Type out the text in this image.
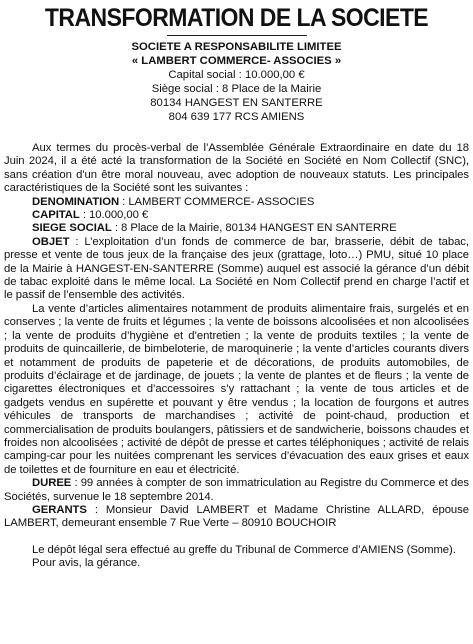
TRANSFORMATION DE LA SOCIETE
SOCIETE A RESPONSABILITE LIMITEE
« LAMBERT COMMERCE- ASSOCIES »
Capital social : 10.000,00 €
Siège social : 8 Place de la Mairie
80134 HANGEST EN SANTERRE
804 639 177 RCS AMIENS

Aux termes du procès-verbal de l’Assemblée Générale Extraordinaire en date du 18 Juin 2024, il a été acté la transformation de la Société en Société en Nom Collectif (SNC), sans création d'un être moral nouveau, avec adoption de nouveaux statuts. Les principales caractéristiques de la Société sont les suivantes :

DENOMINATION : LAMBERT COMMERCE- ASSOCIES

CAPITAL : 10.000,00 €

SIEGE SOCIAL : 8 Place de la Mairie, 80134 HANGEST EN SANTERRE

OBJET : L’exploitation d’un fonds de commerce de bar, brasserie, débit de tabac, presse et vente de tous jeux de la française des jeux (grattage, loto…) PMU, situé 10 place de la Mairie à HANGEST-EN-SANTERRE (Somme) auquel est associé la gérance d’un débit de tabac exploité dans le même local. La Société en Nom Collectif prend en charge l’actif et le passif de l’ensemble des activités.

La vente d’articles alimentaires notamment de produits alimentaire frais, surgelés et en conserves ; la vente de fruits et légumes ; la vente de boissons alcoolisées et non alcoolisées ; la vente de produits d’hygiène et d’entretien ; la vente de produits textiles ; la vente de produits de quincaillerie, de bimbeloterie, de maroquinerie ; la vente d’articles courants divers et notamment de produits de papeterie et de décorations, de produits automobiles, de produits d’éclairage et de jardinage, de jouets ; la vente de plantes et de fleurs ; la vente de cigarettes électroniques et d’accessoires s’y rattachant ; la vente de tous articles et de gadgets vendus en supérette et pouvant y être vendus ; la location de fourgons et autres véhicules de transports de marchandises ; activité de point-chaud, production et commercialisation de produits boulangers, pâtissiers et de sandwicherie, boissons chaudes et froides non alcoolisées ; activité de dépôt de presse et cartes téléphoniques ; activité de relais camping-car pour les nuitées comprenant les services d’évacuation des eaux grises et eaux de toilettes et de fourniture en eau et électricité.

DUREE : 99 années à compter de son immatriculation au Registre du Commerce et des Sociétés, survenue le 18 septembre 2014.

GERANTS : Monsieur David LAMBERT et Madame Christine ALLARD, épouse LAMBERT, demeurant ensemble 7 Rue Verte – 80910 BOUCHOIR

Le dépôt légal sera effectué au greffe du Tribunal de Commerce d’AMIENS (Somme).

Pour avis, la gérance.
